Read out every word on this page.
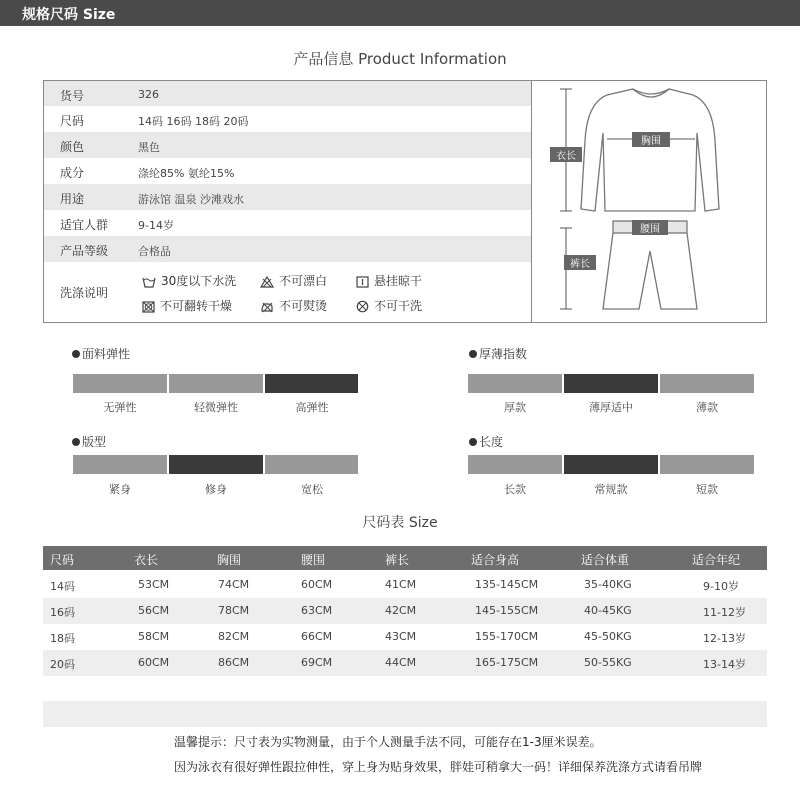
规格尺码 Size
产品信息 Product Information
货号	326
尺码	14码 16码 18码 20码
颜色	黑色
成分	涤纶85% 氨纶15%
用途	游泳馆 温泉 沙滩戏水
适宜人群	9-14岁
产品等级	合格品
洗涤说明
30度以下水洗	不可漂白	悬挂晾干
不可翻转干燥	不可熨烫	不可干洗
衣长
胸围
腰围
裤长
面料弹性
无弹性	轻微弹性	高弹性
厚薄指数
厚款	薄厚适中	薄款
版型
紧身	修身	宽松
长度
长款	常规款	短款
尺码表 Size
尺码	衣长	胸围	腰围	裤长	适合身高	适合体重	适合年纪
14码	53CM	74CM	60CM	41CM	135-145CM	35-40KG	9-10岁
16码	56CM	78CM	63CM	42CM	145-155CM	40-45KG	11-12岁
18码	58CM	82CM	66CM	43CM	155-170CM	45-50KG	12-13岁
20码	60CM	86CM	69CM	44CM	165-175CM	50-55KG	13-14岁
温馨提示：尺寸表为实物测量，由于个人测量手法不同，可能存在1-3厘米误差。
因为泳衣有很好弹性跟拉伸性，穿上身为贴身效果，胖娃可稍拿大一码！详细保养洗涤方式请看吊牌
